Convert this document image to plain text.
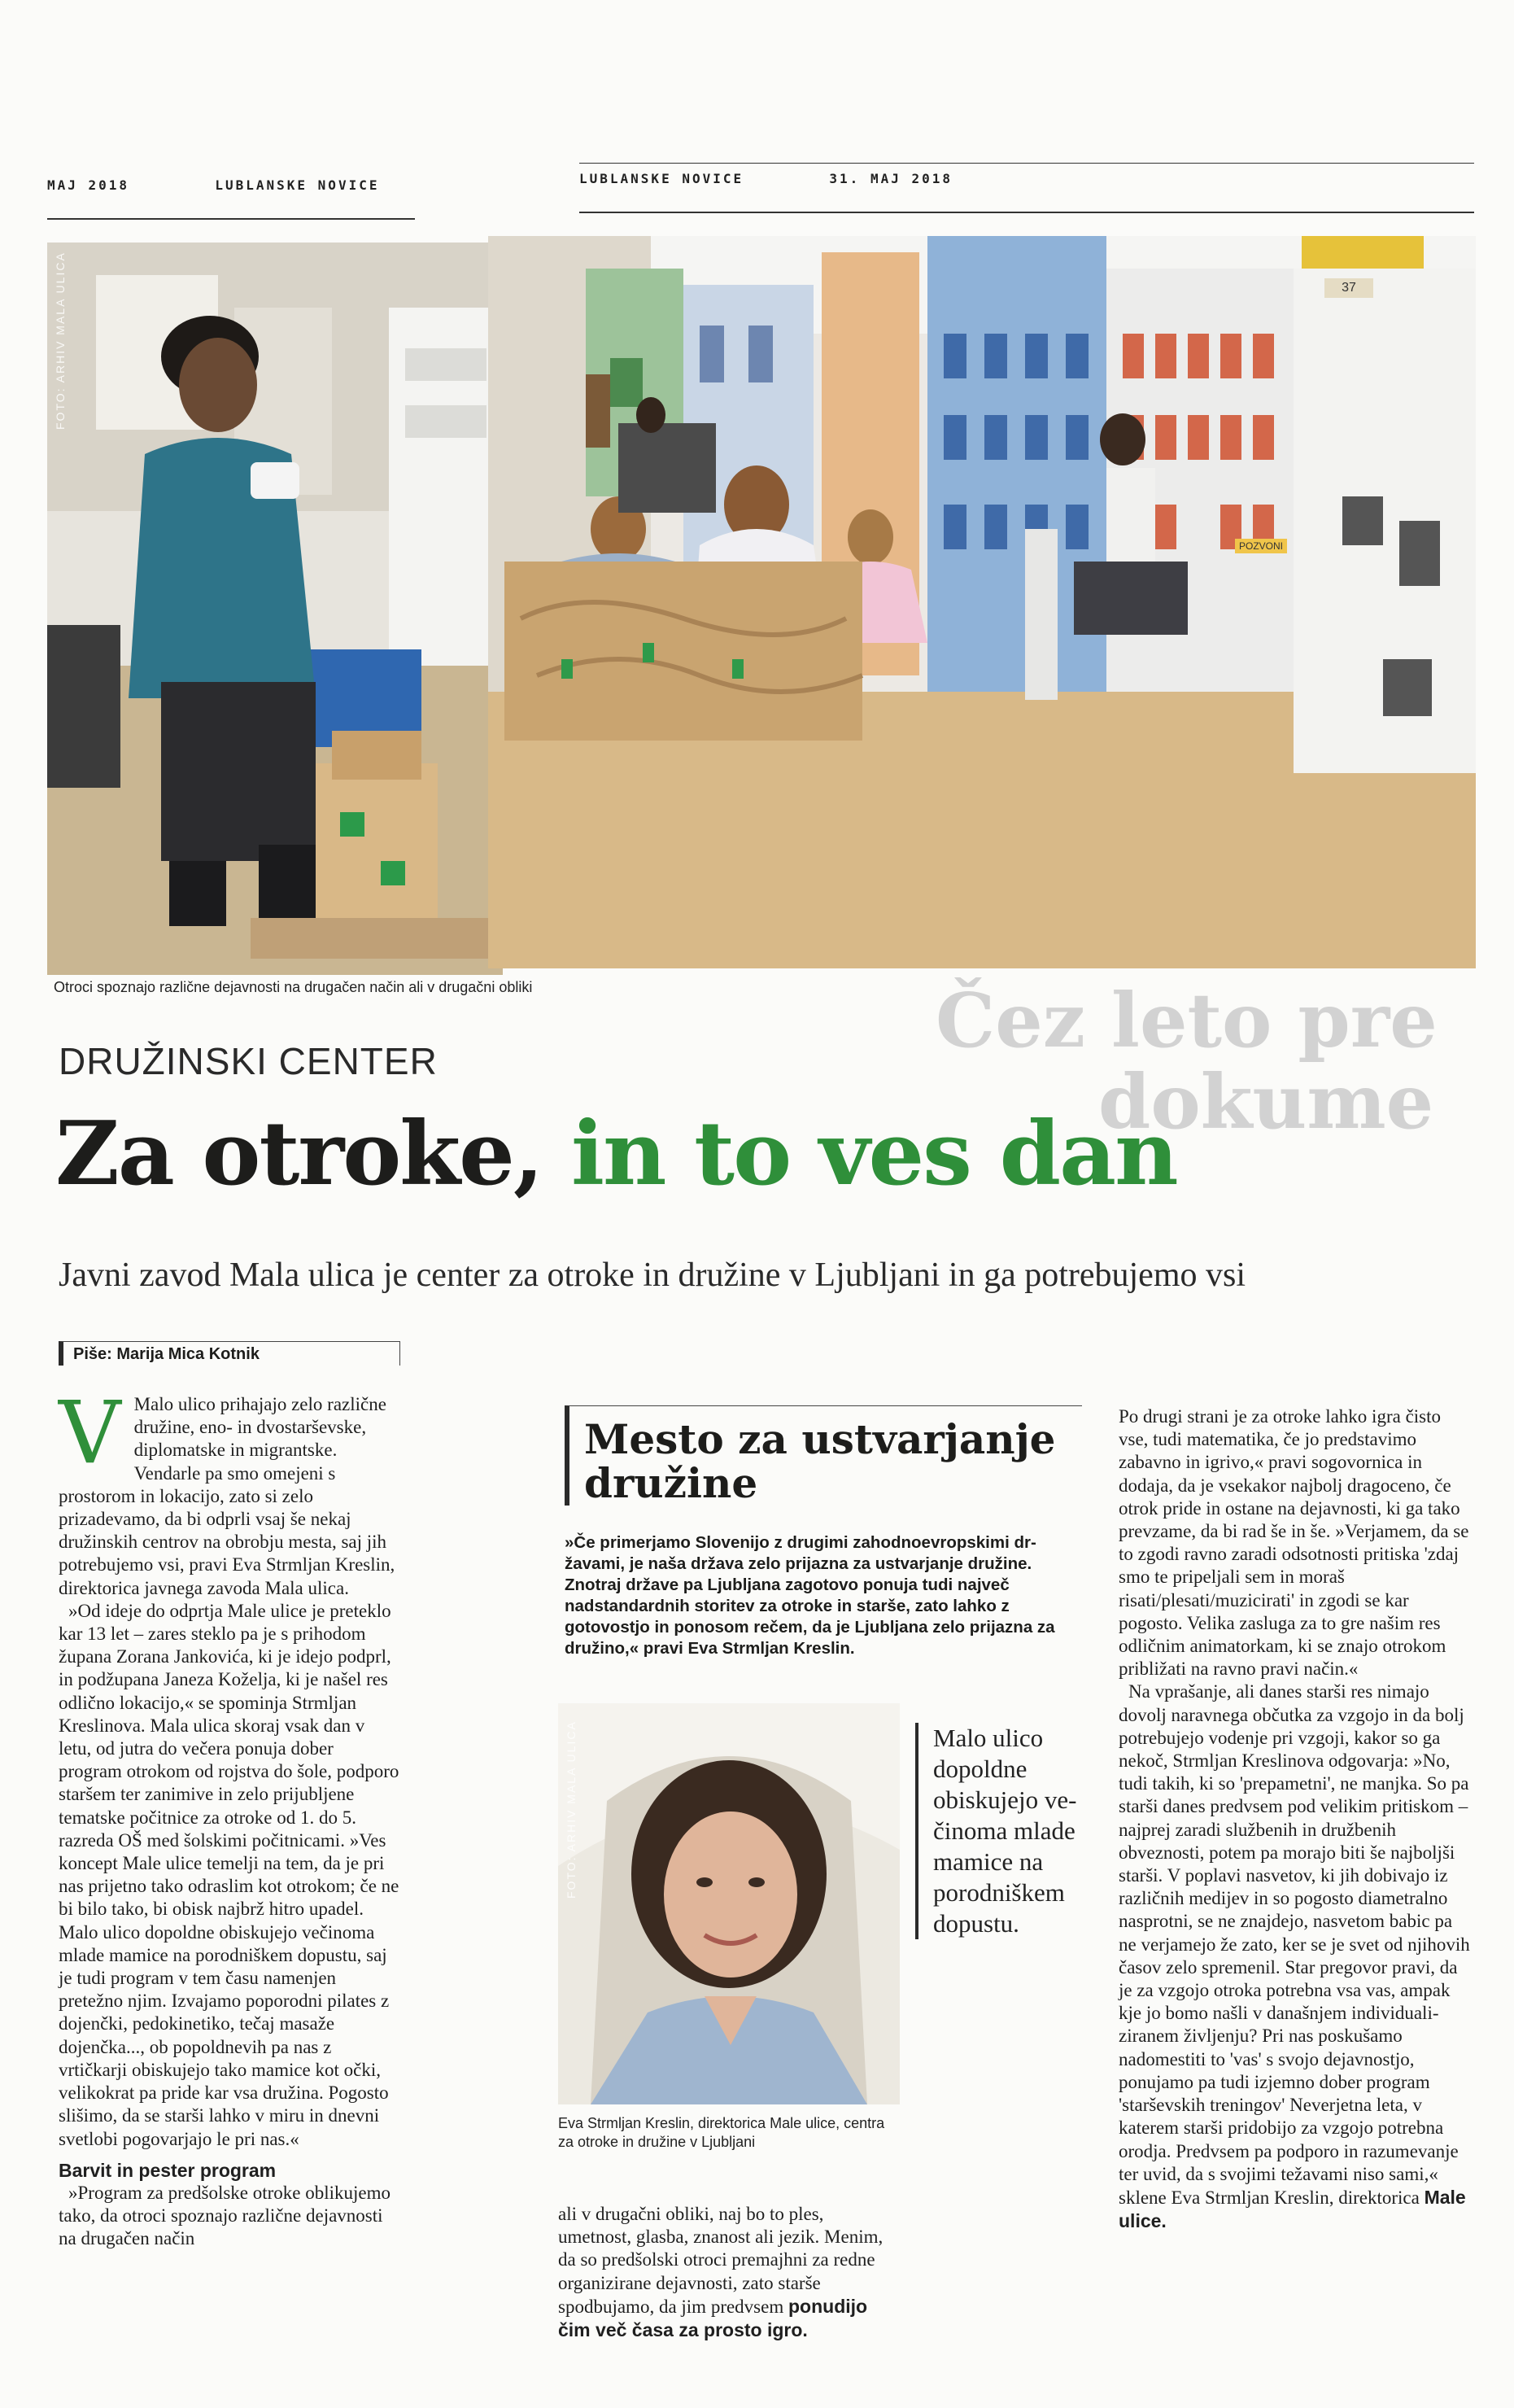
MAJ 2018	LUBLANSKE NOVICE	LUBLANSKE NOVICE	31. MAJ 2018
FOTO: ARHIV MALA ULICA	37
POZVONI
Otroci spoznajo različne dejavnosti na drugačen način ali v drugačni obliki
DRUŽINSKI CENTER
Za otroke, in to ves dan
Javni zavod Mala ulica je center za otroke in družine v Ljubljani in ga potrebujemo vsi
Čez leto pre
dokume
Piše: Marija Mica Kotnik
V Malo ulico prihajajo zelo različne družine, eno- in dvostarševske, diplomatske in migrantske. Vendarle pa smo omejeni s prostorom in lokacijo, zato si zelo prizadevamo, da bi odprli vsaj še nekaj družinskih centrov na obrobju mesta, saj jih potrebujemo vsi, pravi Eva Strmljan Kreslin, direktorica javnega zavoda Mala ulica.

»Od ideje do odprtja Male ulice je preteklo kar 13 let – zares steklo pa je s prihodom župana Zorana Jankovića, ki je idejo podprl, in podžupana Janeza Koželja, ki je našel res odlično lokacijo,« se spominja Strmljan Kreslinova. Mala ulica skoraj vsak dan v letu, od jutra do večera ponuja dober program otrokom od rojstva do šole, podporo staršem ter zanimive in zelo prijubljene tematske počitnice za otroke od 1. do 5. razreda OŠ med šolskimi počitnicami. »Ves koncept Male ulice temelji na tem, da je pri nas prijetno tako odraslim kot otrokom; če ne bi bilo tako, bi obisk najbrž hitro upadel. Malo ulico dopoldne obiskujejo večinoma mlade mamice na porodniškem dopustu, saj je tudi program v tem času namenjen pretežno njim. Izvajamo poporodni pilates z dojenčki, pedokinetiko, tečaj masaže dojenčka..., ob popoldnevih pa nas z vrtičkarji obiskujejo tako mamice kot očki, velikokrat pa pride kar vsa družina. Pogosto slišimo, da se starši lahko v miru in dnevni svetlobi pogovarjajo le pri nas.«

Barvit in pester program

»Program za predšolske otroke oblikujemo tako, da otroci spoznajo različne dejavnosti na drugačen način

Mesto za ustvarjanje družine
»Če primerjamo Slovenijo z drugimi zahodnoevropskimi državami, je naša država zelo prijazna za ustvarjanje družine. Znotraj države pa Ljubljana zagotovo ponuja tudi največ nadstandardnih storitev za otroke in starše, zato lahko z gotovostjo in ponosom rečem, da je Ljubljana zelo prijazna za družino,« pravi Eva Strmljan Kreslin.
FOTO: ARHIV MALA ULICA
Eva Strmljan Kreslin, direktorica Male ulice, centra za otroke in družine v Ljubljani
Malo ulico dopoldne obiskujejo večinoma mlade mamice na porodniškem dopustu.

ali v drugačni obliki, naj bo to ples, umetnost, glasba, znanost ali jezik. Menim, da so predšolski otroci premajhni za redne organizirane dejavnosti, zato starše spodbujamo, da jim predvsem ponudijo čim več časa za prosto igro.

Po drugi strani je za otroke lahko igra čisto vse, tudi matematika, če jo predstavimo zabavno in igrivo,« pravi sogovornica in dodaja, da je vsekakor najbolj dragoceno, če otrok pride in ostane na dejavnosti, ki ga tako prevzame, da bi rad še in še. »Verjamem, da se to zgodi ravno zaradi odsotnosti pritiska 'zdaj smo te pripeljali sem in moraš risati/plesati/muzicirati' in zgodi se kar pogosto. Velika zasluga za to gre našim res odličnim animatorkam, ki se znajo otrokom približati na ravno pravi način.«

Na vprašanje, ali danes starši res nimajo dovolj naravnega občutka za vzgojo in da bolj potrebujejo vodenje pri vzgoji, kakor so ga nekoč, Strmljan Kreslinova odgovarja: »No, tudi takih, ki so 'prepametni', ne manjka. So pa starši danes predvsem pod velikim pritiskom – najprej zaradi službenih in družbenih obveznosti, potem pa morajo biti še najboljši starši. V poplavi nasvetov, ki jih dobivajo iz različnih medijev in so pogosto diametralno nasprotni, se ne znajdejo, nasvetom babic pa ne verjamejo že zato, ker se je svet od njihovih časov zelo spremenil. Star pregovor pravi, da je za vzgojo otroka potrebna vsa vas, ampak kje jo bomo našli v današnjem individualiziranem življenju? Pri nas poskušamo nadomestiti to 'vas' s svojo dejavnostjo, ponujamo pa tudi izjemno dober program 'starševskih treningov' Neverjetna leta, v katerem starši pridobijo za vzgojo potrebna orodja. Predvsem pa podporo in razumevanje ter uvid, da s svojimi težavami niso sami,« sklene Eva Strmljan Kreslin, direktorica Male ulice.
